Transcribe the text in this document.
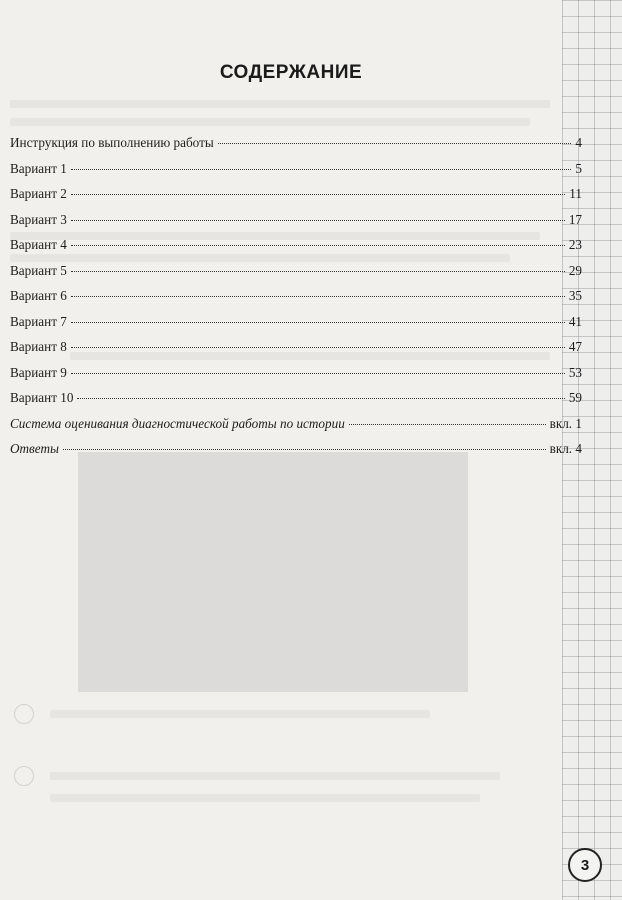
СОДЕРЖАНИЕ
Инструкция по выполнению работы	4
Вариант 1	5
Вариант 2	11
Вариант 3	17
Вариант 4	23
Вариант 5	29
Вариант 6	35
Вариант 7	41
Вариант 8	47
Вариант 9	53
Вариант 10	59
Система оценивания диагностической работы по истории	вкл. 1
Ответы	вкл. 4
3
